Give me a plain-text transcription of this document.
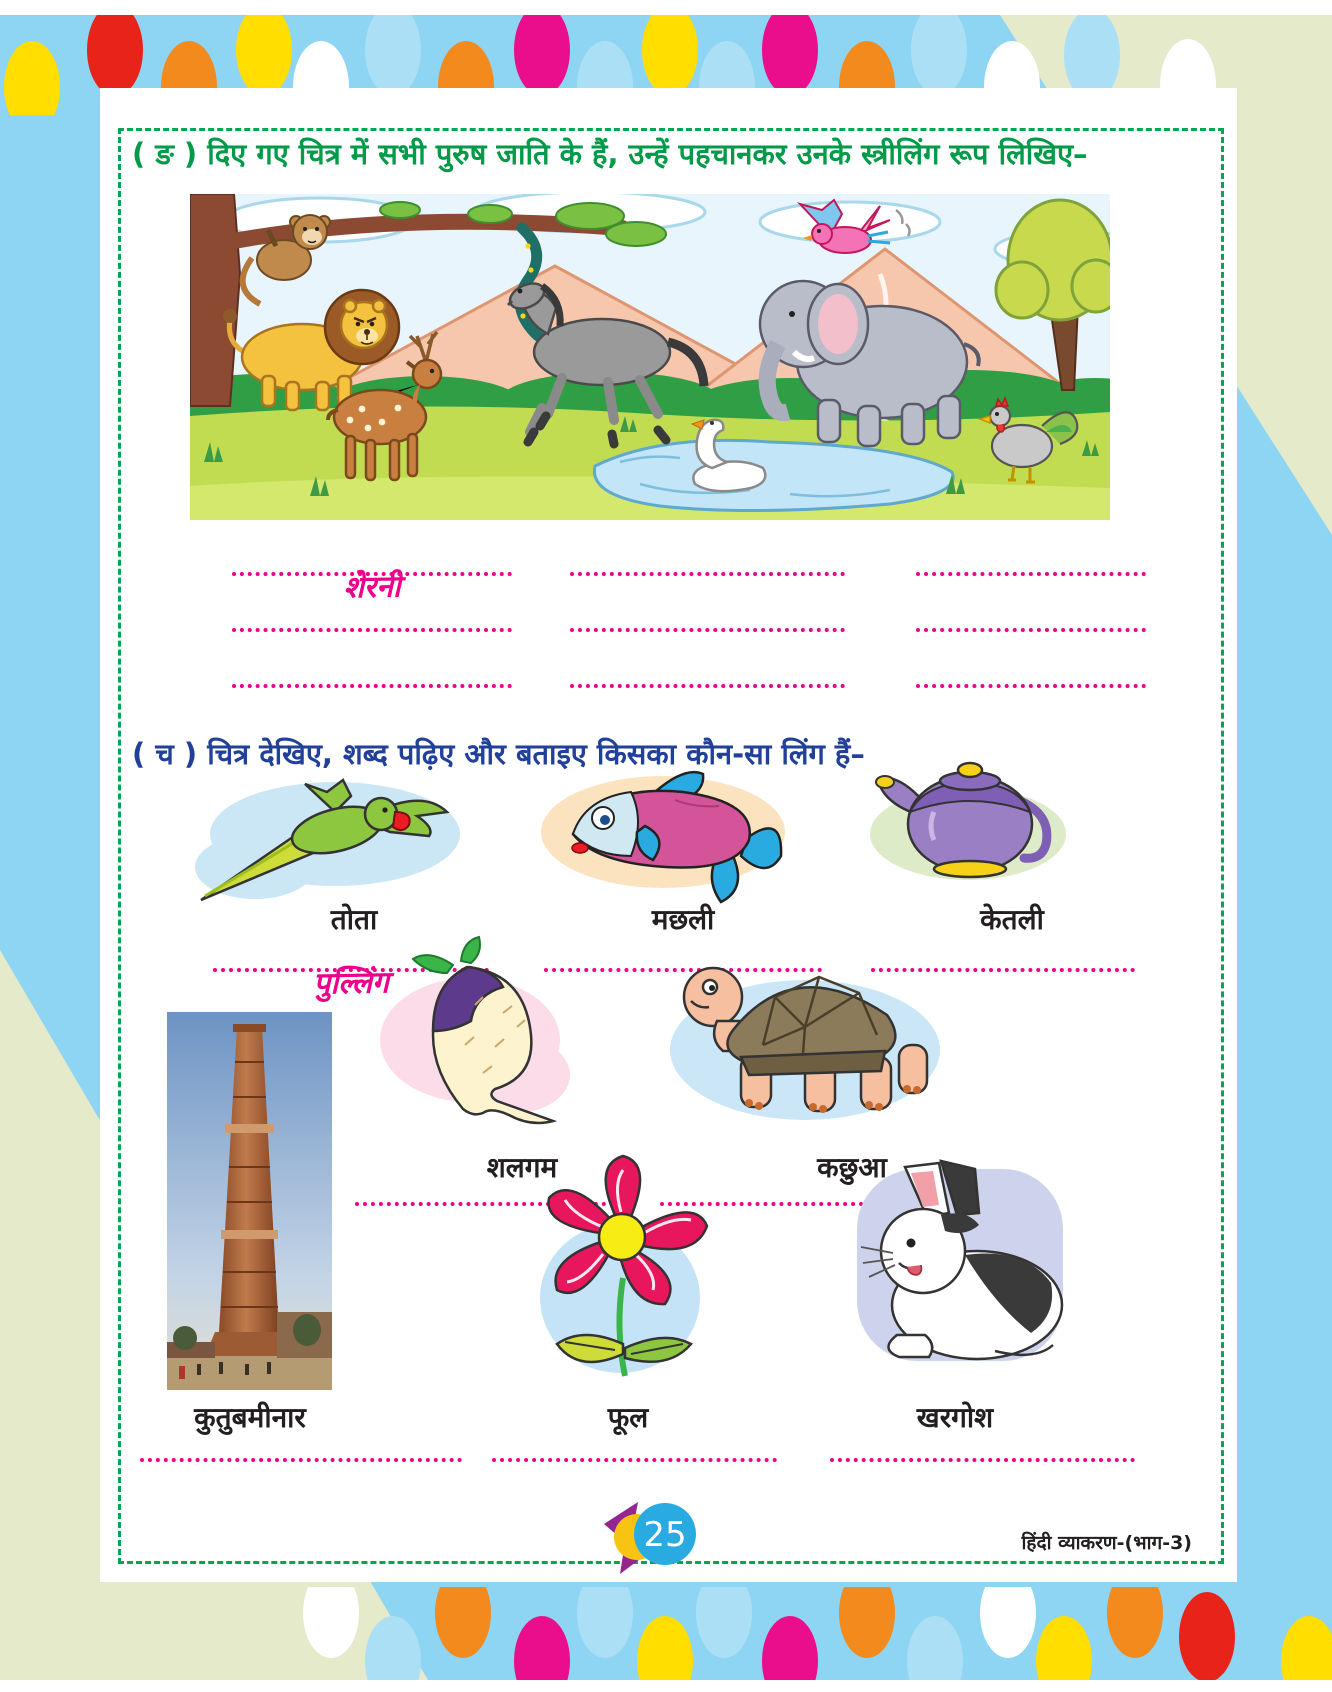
( ङ ) दिए गए चित्र में सभी पुरुष जाति के हैं, उन्हें पहचानकर उनके स्त्रीलिंग रूप लिखिए–
शेरनी
( च ) चित्र देखिए, शब्द पढ़िए और बताइए किसका कौन-सा लिंग हैं–
तोता	मछली	केतली
पुल्लिंग
शलगम	कछुआ
कुतुबमीनार	फूल	खरगोश
25	हिंदी व्याकरण-(भाग-3)
